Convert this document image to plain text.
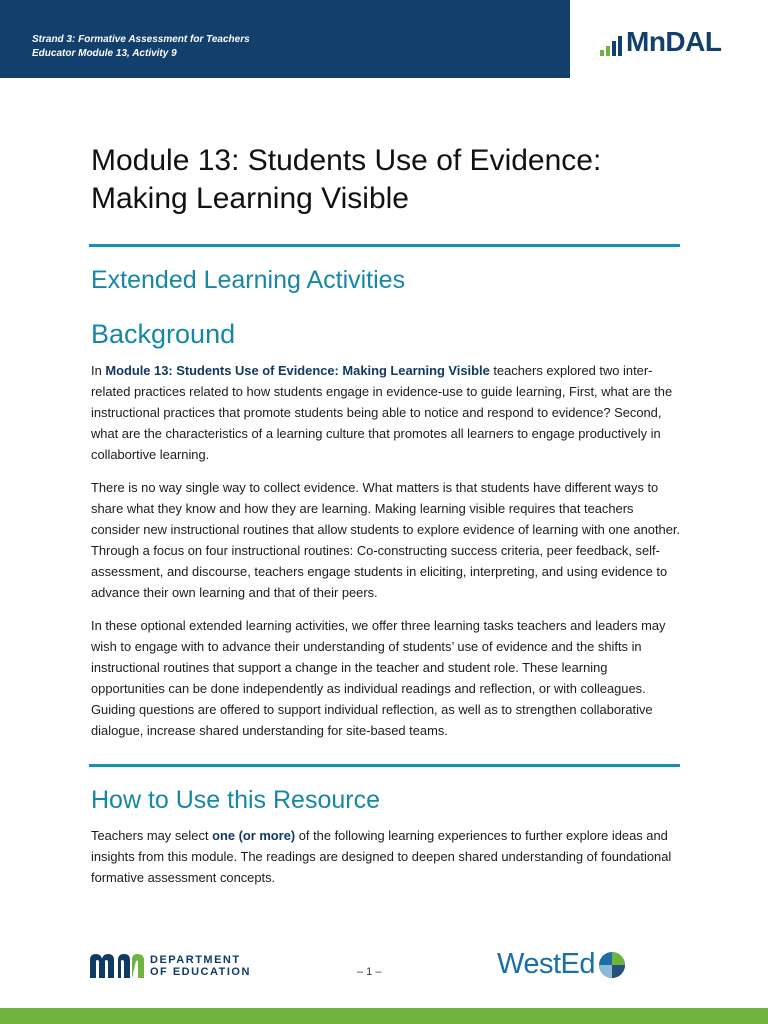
Strand 3: Formative Assessment for Teachers
Educator Module 13, Activity 9	MnDAL
Module 13: Students Use of Evidence:
Making Learning Visible
Extended Learning Activities
Background

In Module 13: Students Use of Evidence: Making Learning Visible teachers explored two inter-related practices related to how students engage in evidence-use to guide learning, First, what are the instructional practices that promote students being able to notice and respond to evidence? Second, what are the characteristics of a learning culture that promotes all learners to engage productively in collabortive learning.

There is no way single way to collect evidence. What matters is that students have different ways to share what they know and how they are learning. Making learning visible requires that teachers consider new instructional routines that allow students to explore evidence of learning with one another. Through a focus on four instructional routines: Co-constructing success criteria, peer feedback, self-assessment, and discourse, teachers engage students in eliciting, interpreting, and using evidence to advance their own learning and that of their peers.

In these optional extended learning activities, we offer three learning tasks teachers and leaders may wish to engage with to advance their understanding of students’ use of evidence and the shifts in instructional routines that support a change in the teacher and student role. These learning opportunities can be done independently as individual readings and reflection, or with colleagues. Guiding questions are offered to support individual reflection, as well as to strengthen collaborative dialogue, increase shared understanding for site-based teams.

How to Use this Resource

Teachers may select one (or more) of the following learning experiences to further explore ideas and insights from this module. The readings are designed to deepen shared understanding of foundational formative assessment concepts.

DEPARTMENT
OF EDUCATION	– 1 –	WestEd
